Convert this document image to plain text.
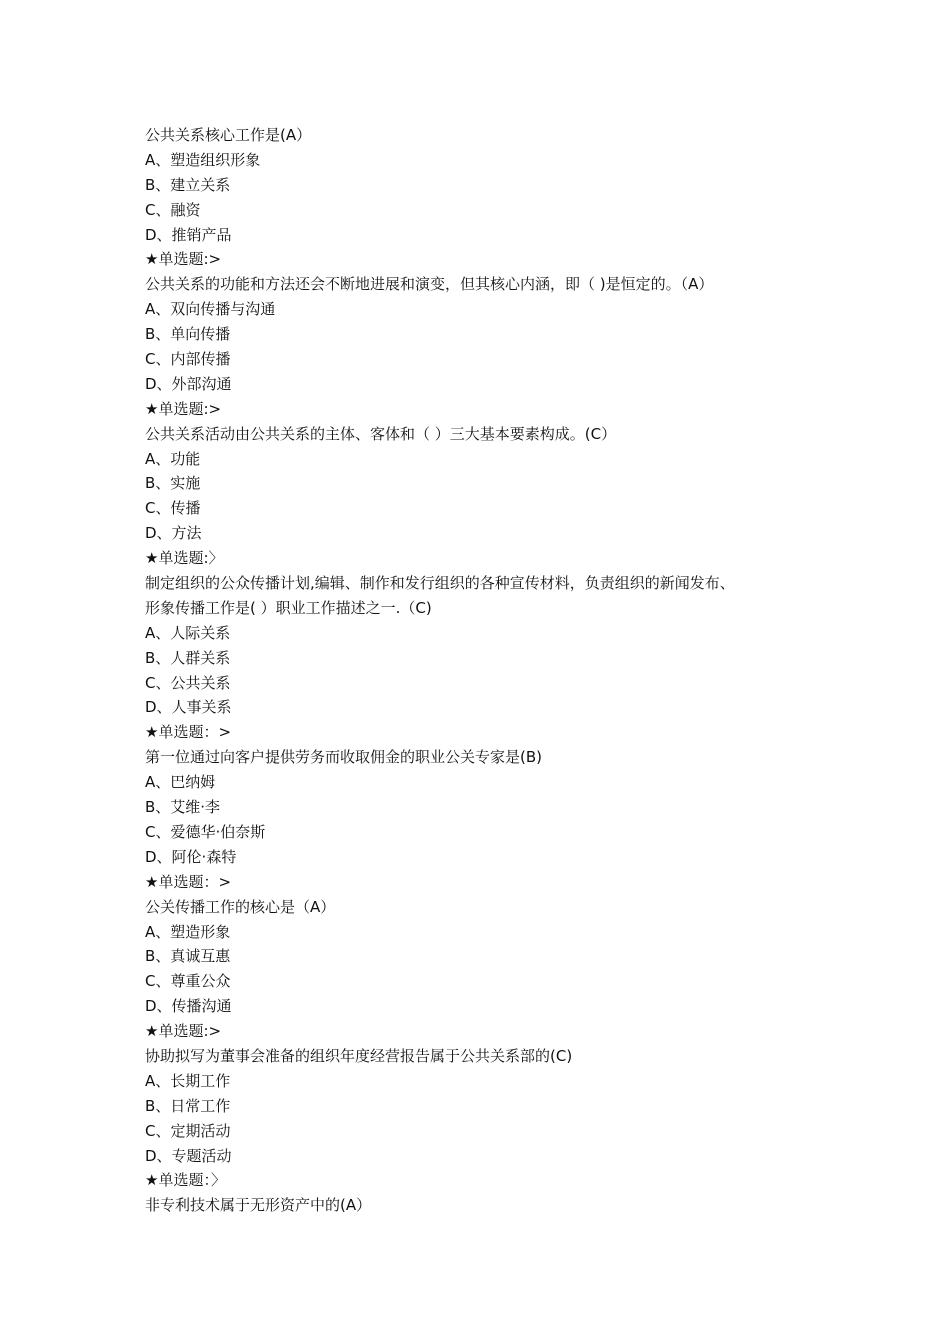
公共关系核心工作是(A）
A、塑造组织形象
B、建立关系
C、融资
D、推销产品
★单选题:>
公共关系的功能和方法还会不断地进展和演变，但其核心内涵，即（ )是恒定的。（A）
A、双向传播与沟通
B、单向传播
C、内部传播
D、外部沟通
★单选题:>
公共关系活动由公共关系的主体、客体和（ ）三大基本要素构成。(C）
A、功能
B、实施
C、传播
D、方法
★单选题:〉
制定组织的公众传播计划,编辑、制作和发行组织的各种宣传材料，负责组织的新闻发布、
形象传播工作是( ）职业工作描述之一.（C)
A、人际关系
B、人群关系
C、公共关系
D、人事关系
★单选题：>
第一位通过向客户提供劳务而收取佣金的职业公关专家是(B)
A、巴纳姆
B、艾维·李
C、爱德华·伯奈斯
D、阿伦·森特
★单选题：>
公关传播工作的核心是（A）
A、塑造形象
B、真诚互惠
C、尊重公众
D、传播沟通
★单选题:>
协助拟写为董事会准备的组织年度经营报告属于公共关系部的(C)
A、长期工作
B、日常工作
C、定期活动
D、专题活动
★单选题：〉
非专利技术属于无形资产中的(A）
